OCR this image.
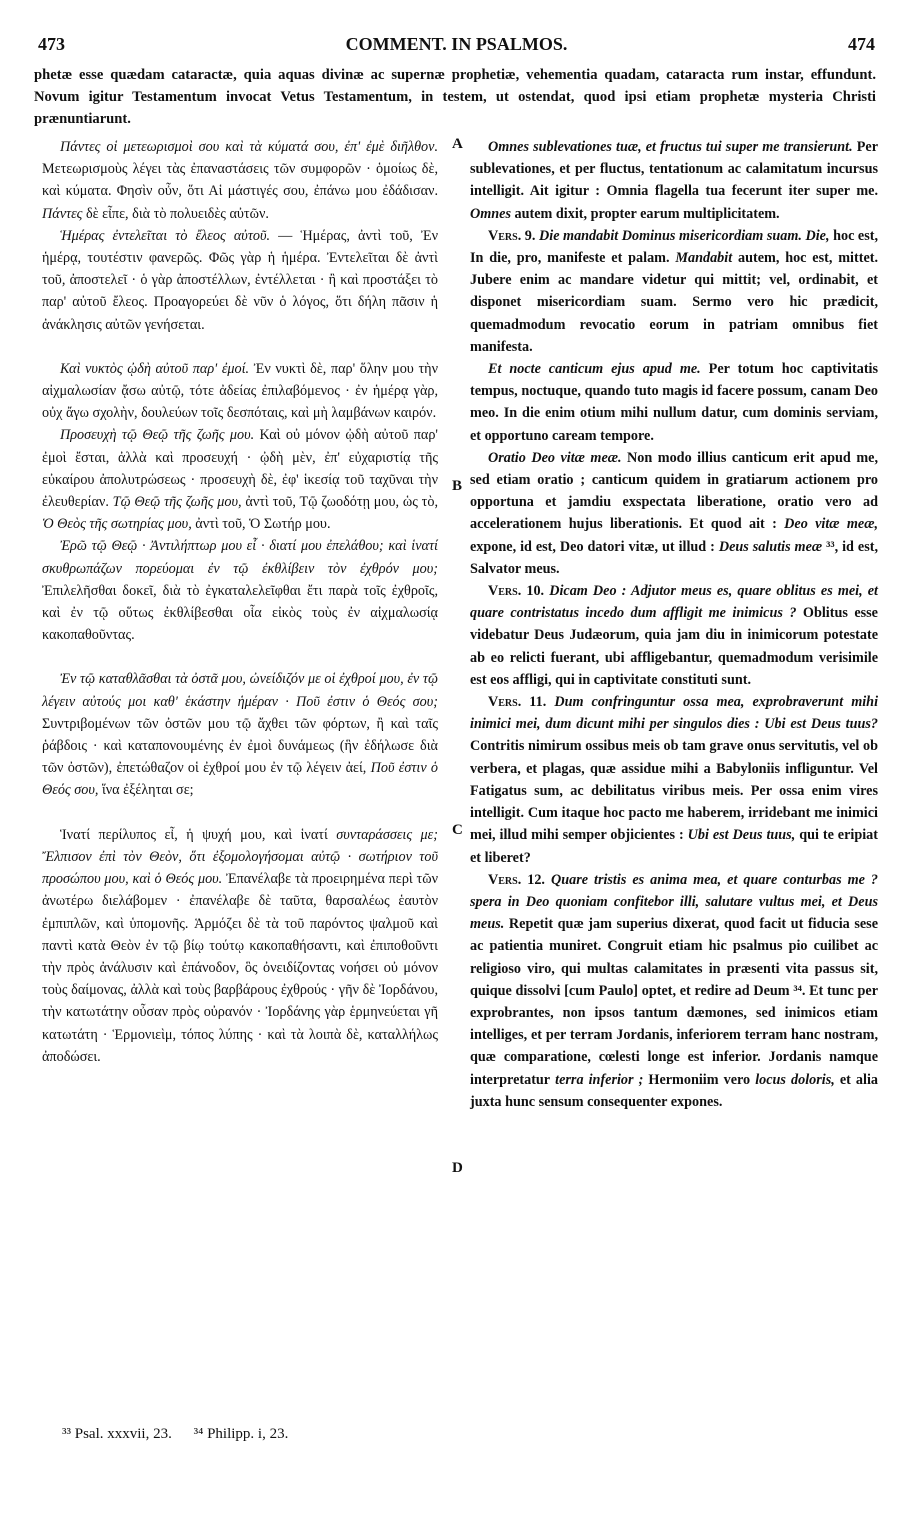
473	COMMENT. IN PSALMOS.	474
phetæ esse quædam cataractæ, quia aquas divinæ ac supernæ prophetiæ, vehementia quadam, cataracta rum instar, effundunt. Novum igitur Testamentum invocat Vetus Testamentum, in testem, ut ostendat, quod ipsi etiam prophetæ mysteria Christi prænuntiarunt.

Πάντες οἱ μετεωρισμοὶ σου καὶ τὰ κύματά σου, ἐπ' ἐμὲ διῆλθον. Μετεωρισμοὺς λέγει τὰς ἐπαναστάσεις τῶν συμφορῶν · ὁμοίως δὲ, καὶ κύματα. Φησὶν οὖν, ὅτι Αἱ μάστιγές σου, ἐπάνω μου ἐδάδισαν. Πάντες δὲ εἶπε, διὰ τὸ πολυειδὲς αὐτῶν.

Ἡμέρας ἐντελεῖται τὸ ἔλεος αὐτοῦ. — Ἡμέρας, ἀντὶ τοῦ, Ἐν ἡμέρᾳ, τουτέστιν φανερῶς. Φῶς γὰρ ἡ ἡμέρα. Ἐντελεῖται δὲ ἀντὶ τοῦ, ἀποστελεῖ · ὁ γὰρ ἀποστέλλων, ἐντέλλεται · ἢ καὶ προστάξει τὸ παρ' αὐτοῦ ἔλεος. Προαγορεύει δὲ νῦν ὁ λόγος, ὅτι δήλη πᾶσιν ἡ ἀνάκλησις αὐτῶν γενήσεται.

Καὶ νυκτὸς ᾠδὴ αὐτοῦ παρ' ἐμοί. Ἐν νυκτὶ δὲ, παρ' ὅλην μου τὴν αἰχμαλωσίαν ᾄσω αὐτῷ, τότε ἀδείας ἐπιλαβόμενος · ἐν ἡμέρᾳ γὰρ, οὐχ ἄγω σχολὴν, δουλεύων τοῖς δεσπόταις, καὶ μὴ λαμβάνων καιρόν.

Προσευχὴ τῷ Θεῷ τῆς ζωῆς μου. Καὶ οὐ μόνον ᾠδὴ αὐτοῦ παρ' ἐμοὶ ἔσται, ἀλλὰ καὶ προσευχή · ᾠδὴ μὲν, ἐπ' εὐχαριστίᾳ τῆς εὐκαίρου ἀπολυτρώσεως · προσευχὴ δὲ, ἐφ' ἱκεσίᾳ τοῦ ταχῦναι τὴν ἐλευθερίαν. Τῷ Θεῷ τῆς ζωῆς μου, ἀντὶ τοῦ, Τῷ ζωοδότῃ μου, ὡς τὸ, Ὁ Θεὸς τῆς σωτηρίας μου, ἀντὶ τοῦ, Ὁ Σωτήρ μου.

Ἐρῶ τῷ Θεῷ · Ἀντιλήπτωρ μου εἶ · διατί μου ἐπελάθου; καὶ ἱνατί σκυθρωπάζων πορεύομαι ἐν τῷ ἐκθλίβειν τὸν ἐχθρόν μου; Ἐπιλελῆσθαι δοκεῖ, διὰ τὸ ἐγκαταλελεῖφθαι ἔτι παρὰ τοῖς ἐχθροῖς, καὶ ἐν τῷ οὕτως ἐκθλίβεσθαι οἷα εἰκὸς τοὺς ἐν αἰχμαλωσίᾳ κακοπαθοῦντας.

Ἐν τῷ καταθλᾶσθαι τὰ ὀστᾶ μου, ὠνείδιζόν με οἱ ἐχθροί μου, ἐν τῷ λέγειν αὐτούς μοι καθ' ἑκάστην ἡμέραν · Ποῦ ἐστιν ὁ Θεός σου; Συντριβομένων τῶν ὀστῶν μου τῷ ἄχθει τῶν φόρτων, ἢ καὶ ταῖς ῥάβδοις · καὶ καταπονουμένης ἐν ἐμοὶ δυνάμεως (ἣν ἐδήλωσε διὰ τῶν ὀστῶν), ἐπετώθαζον οἱ ἐχθροί μου ἐν τῷ λέγειν ἀεί, Ποῦ ἐστιν ὁ Θεός σου, ἵνα ἐξέληται σε;

Ἱνατί περίλυπος εἶ, ἡ ψυχή μου, καὶ ἱνατί συνταράσσεις με; Ἔλπισον ἐπὶ τὸν Θεὸν, ὅτι ἐξομολογήσομαι αὐτῷ · σωτήριον τοῦ προσώπου μου, καὶ ὁ Θεός μου. Ἐπανέλαβε τὰ προειρημένα περὶ τῶν ἀνωτέρω διελάβομεν · ἐπανέλαβε δὲ ταῦτα, θαρσαλέως ἑαυτὸν ἐμπιπλῶν, καὶ ὑπομονῆς. Ἁρμόζει δὲ τὰ τοῦ παρόντος ψαλμοῦ καὶ παντὶ κατὰ Θεὸν ἐν τῷ βίῳ τούτῳ κακοπαθήσαντι, καὶ ἐπιποθοῦντι τὴν πρὸς ἀνάλυσιν καὶ ἐπάνοδον, ὃς ὀνειδίζοντας νοήσει οὐ μόνον τοὺς δαίμονας, ἀλλὰ καὶ τοὺς βαρβάρους ἐχθρούς · γῆν δὲ Ἰορδάνου, τὴν κατωτάτην οὖσαν πρὸς οὐρανόν · Ἰορδάνης γὰρ ἑρμηνεύεται γῆ κατωτάτη · Ἑρμονιεὶμ, τόπος λύπης · καὶ τὰ λοιπὰ δὲ, καταλλήλως ἀποδώσει.

Omnes sublevationes tuæ, et fructus tui super me transierunt. Per sublevationes, et per fluctus, tentationum ac calamitatum incursus intelligit. Ait igitur : Omnia flagella tua fecerunt iter super me. Omnes autem dixit, propter earum multiplicitatem.

Vers. 9. Die mandabit Dominus misericordiam suam. Die, hoc est, In die, pro, manifeste et palam. Mandabit autem, hoc est, mittet. Jubere enim ac mandare videtur qui mittit; vel, ordinabit, et disponet misericordiam suam. Sermo vero hic prædicit, quemadmodum revocatio eorum in patriam omnibus fiet manifesta.

Et nocte canticum ejus apud me. Per totum hoc captivitatis tempus, noctuque, quando tuto magis id facere possum, canam Deo meo. In die enim otium mihi nullum datur, cum dominis serviam, et opportuno caream tempore.

Oratio Deo vitæ meæ. Non modo illius canticum erit apud me, sed etiam oratio ; canticum quidem in gratiarum actionem pro opportuna et jamdiu exspectata liberatione, oratio vero ad accelerationem hujus liberationis. Et quod ait : Deo vitæ meæ, expone, id est, Deo datori vitæ, ut illud : Deus salutis meæ ³³, id est, Salvator meus.

Vers. 10. Dicam Deo : Adjutor meus es, quare oblitus es mei, et quare contristatus incedo dum affligit me inimicus ? Oblitus esse videbatur Deus Judæorum, quia jam diu in inimicorum potestate ab eo relicti fuerant, ubi affligebantur, quemadmodum verisimile est eos affligi, qui in captivitate constituti sunt.

Vers. 11. Dum confringuntur ossa mea, exprobraverunt mihi inimici mei, dum dicunt mihi per singulos dies : Ubi est Deus tuus? Contritis nimirum ossibus meis ob tam grave onus servitutis, vel ob verbera, et plagas, quæ assidue mihi a Babyloniis infliguntur. Vel Fatigatus sum, ac debilitatus viribus meis. Per ossa enim vires intelligit. Cum itaque hoc pacto me haberem, irridebant me inimici mei, illud mihi semper objicientes : Ubi est Deus tuus, qui te eripiat et liberet?

Vers. 12. Quare tristis es anima mea, et quare conturbas me ? spera in Deo quoniam confitebor illi, salutare vultus mei, et Deus meus. Repetit quæ jam superius dixerat, quod facit ut fiducia sese ac patientia muniret. Congruit etiam hic psalmus pio cuilibet ac religioso viro, qui multas calamitates in præsenti vita passus sit, quique dissolvi [cum Paulo] optet, et redire ad Deum ³⁴. Et tunc per exprobrantes, non ipsos tantum dæmones, sed inimicos etiam intelliges, et per terram Jordanis, inferiorem terram hanc nostram, quæ comparatione, cœlesti longe est inferior. Jordanis namque interpretatur terra inferior ; Hermoniim vero locus doloris, et alia juxta hunc sensum consequenter expones.

A
B
C
D
³³ Psal. xxxvii, 23. ³⁴ Philipp. i, 23.
